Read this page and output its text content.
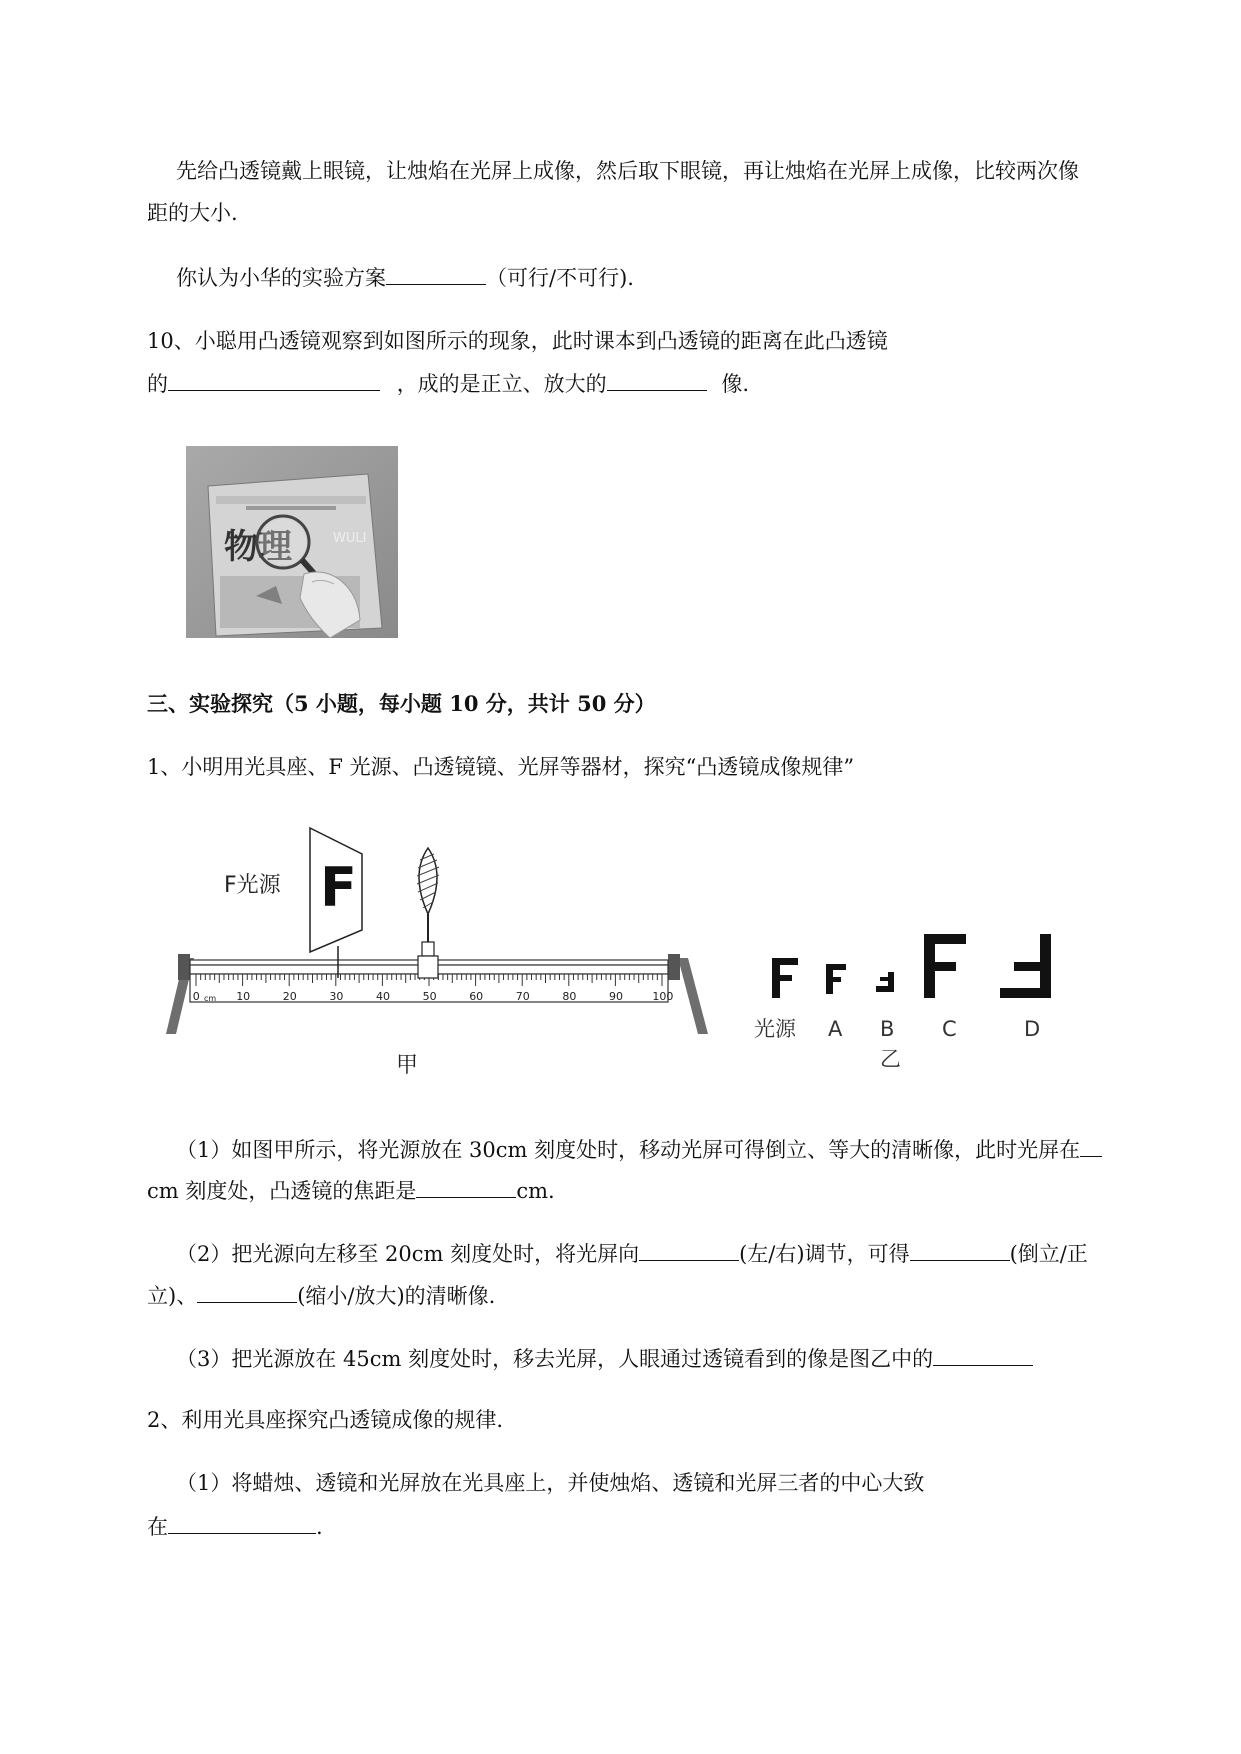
先给凸透镜戴上眼镜，让烛焰在光屏上成像，然后取下眼镜，再让烛焰在光屏上成像，比较两次像
距的大小.
你认为小华的实验方案	（可行/不可行).
10、小聪用凸透镜观察到如图所示的现象，此时课本到凸透镜的距离在此凸透镜
的	，成的是正立、放大的	像.
物理	WULI
三、实验探究（5 小题，每小题 10 分，共计 50 分）
1、小明用光具座、F 光源、凸透镜镜、光屏等器材，探究“凸透镜成像规律”
0	10	20	30	40	50	60	70	80	90	100
cm
F
F光源
甲
光源 A B C	D
乙
（1）如图甲所示，将光源放在 30cm 刻度处时，移动光屏可得倒立、等大的清晰像，此时光屏在
cm 刻度处，凸透镜的焦距是	cm.
（2）把光源向左移至 20cm 刻度处时，将光屏向	(左/右)调节，可得	(倒立/正
立)、	(缩小/放大)的清晰像.
（3）把光源放在 45cm 刻度处时，移去光屏，人眼通过透镜看到的像是图乙中的
2、利用光具座探究凸透镜成像的规律.
（1）将蜡烛、透镜和光屏放在光具座上，并使烛焰、透镜和光屏三者的中心大致
在	.
